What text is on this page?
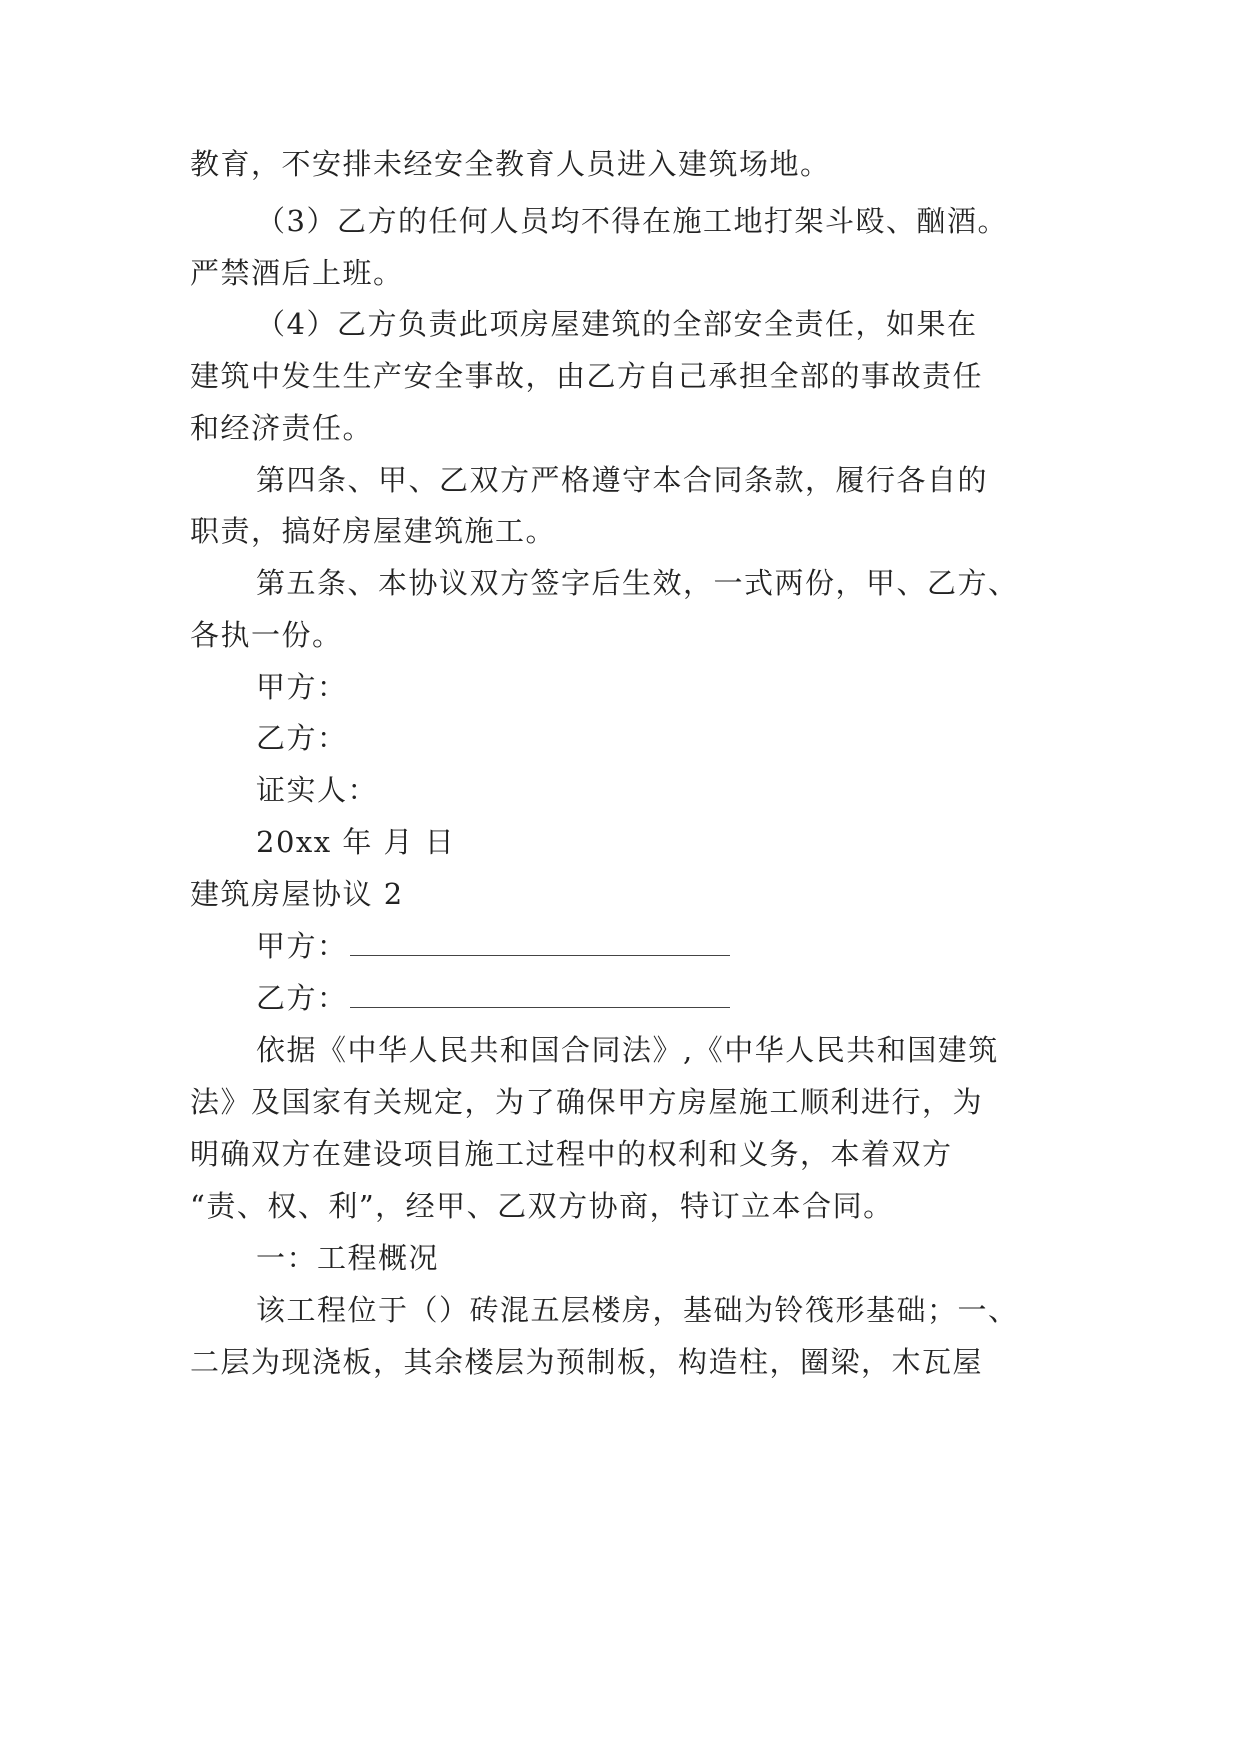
教育，不安排未经安全教育人员进入建筑场地。
（3）乙方的任何人员均不得在施工地打架斗殴、酗酒。
严禁酒后上班。
（4）乙方负责此项房屋建筑的全部安全责任，如果在
建筑中发生生产安全事故，由乙方自己承担全部的事故责任
和经济责任。
第四条、甲、乙双方严格遵守本合同条款，履行各自的
职责，搞好房屋建筑施工。
第五条、本协议双方签字后生效，一式两份，甲、乙方、
各执一份。
甲方：
乙方：
证实人：
20xx 年 月 日
建筑房屋协议 2
甲方：
乙方：
依据《中华人民共和国合同法》,《中华人民共和国建筑
法》及国家有关规定，为了确保甲方房屋施工顺利进行，为
明确双方在建设项目施工过程中的权利和义务，本着双方
“责、权、利”，经甲、乙双方协商，特订立本合同。
一：工程概况
该工程位于（）砖混五层楼房，基础为铃筏形基础；一、
二层为现浇板，其余楼层为预制板，构造柱，圈梁，木瓦屋
